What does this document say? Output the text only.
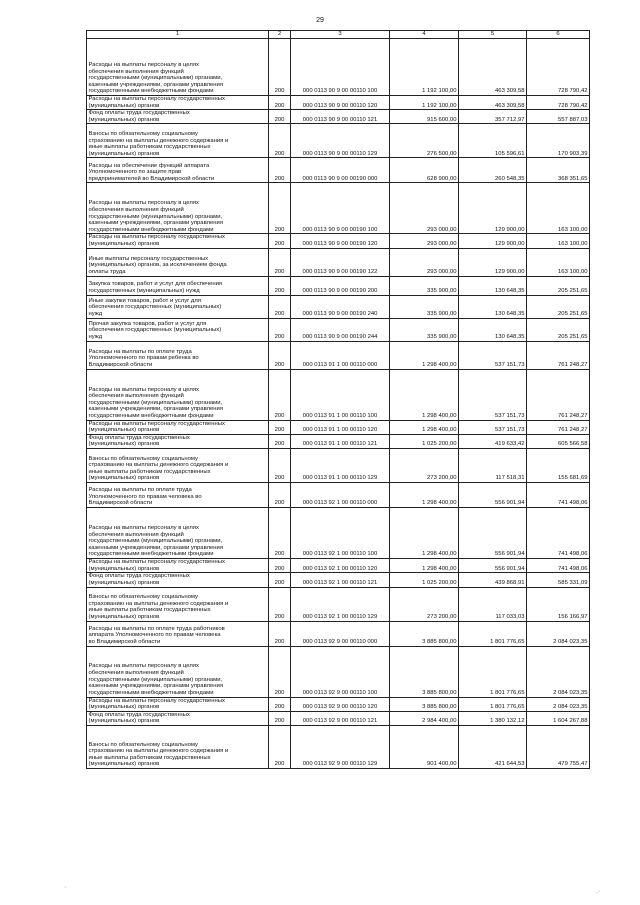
29
1	2	3	4	5	6
Расходы на выплаты персоналу в целях
обеспечения выполнения функций
государственными (муниципальными) органами,
казенными учреждениями, органами управления
государственными внебюджетными фондами	200	000 0113 90 9 00 00110 100	1 192 100,00	463 309,58	728 790,42
Расходы на выплаты персоналу государственных
(муниципальных) органов	200	000 0113 90 9 00 00110 120	1 192 100,00	463 309,58	728 790,42
Фонд оплаты труда государственных
(муниципальных) органов	200	000 0113 90 9 00 00110 121	915 600,00	357 712,97	557 887,03
Взносы по обязательному социальному
страхованию на выплаты денежного содержания и
иные выплаты работникам государственных
(муниципальных) органов	200	000 0113 90 9 00 00110 129	276 500,00	105 596,61	170 903,39
Расходы на обеспечение функций аппарата
Уполномоченного по защите прав
предпринимателей во Владимирской области	200	000 0113 90 9 00 00190 000	628 900,00	260 548,35	368 351,65
Расходы на выплаты персоналу в целях
обеспечения выполнения функций
государственными (муниципальными) органами,
казенными учреждениями, органами управления
государственными внебюджетными фондами	200	000 0113 90 9 00 00190 100	293 000,00	129 900,00	163 100,00
Расходы на выплаты персоналу государственных
(муниципальных) органов	200	000 0113 90 9 00 00190 120	293 000,00	129 900,00	163 100,00
Иные выплаты персоналу государственных
(муниципальных) органов, за исключением фонда
оплаты труда	200	000 0113 90 9 00 00190 122	293 000,00	129 900,00	163 100,00
Закупка товаров, работ и услуг для обеспечения
государственных (муниципальных) нужд	200	000 0113 90 9 00 00190 200	335 900,00	130 648,35	205 251,65
Иные закупки товаров, работ и услуг для
обеспечения государственных (муниципальных)
нужд	200	000 0113 90 9 00 00190 240	335 900,00	130 648,35	205 251,65
Прочая закупка товаров, работ и услуг для
обеспечения государственных (муниципальных)
нужд	200	000 0113 90 9 00 00190 244	335 900,00	130 648,35	205 251,65
Расходы на выплаты по оплате труда
Уполномоченного по правам ребенка во
Владимирской области	200	000 0113 91 1 00 00110 000	1 298 400,00	537 151,73	761 248,27
Расходы на выплаты персоналу в целях
обеспечения выполнения функций
государственными (муниципальными) органами,
казенными учреждениями, органами управления
государственными внебюджетными фондами	200	000 0113 91 1 00 00110 100	1 298 400,00	537 151,73	761 248,27
Расходы на выплаты персоналу государственных
(муниципальных) органов	200	000 0113 91 1 00 00110 120	1 298 400,00	537 151,73	761 248,27
Фонд оплаты труда государственных
(муниципальных) органов	200	000 0113 91 1 00 00110 121	1 025 200,00	419 633,42	605 566,58
Взносы по обязательному социальному
страхованию на выплаты денежного содержания и
иные выплаты работникам государственных
(муниципальных) органов	200	000 0113 91 1 00 00110 129	273 200,00	117 518,31	155 681,69
Расходы на выплаты по оплате труда
Уполномоченного по правам человека во
Владимирской области	200	000 0113 92 1 00 00110 000	1 298 400,00	556 901,94	741 498,06
Расходы на выплаты персоналу в целях
обеспечения выполнения функций
государственными (муниципальными) органами,
казенными учреждениями, органами управления
государственными внебюджетными фондами	200	000 0113 92 1 00 00110 100	1 298 400,00	556 901,94	741 498,06
Расходы на выплаты персоналу государственных
(муниципальных) органов	200	000 0113 92 1 00 00110 120	1 298 400,00	556 901,94	741 498,06
Фонд оплаты труда государственных
(муниципальных) органов	200	000 0113 92 1 00 00110 121	1 025 200,00	439 868,91	585 331,09
Взносы по обязательному социальному
страхованию на выплаты денежного содержания и
иные выплаты работникам государственных
(муниципальных) органов	200	000 0113 92 1 00 00110 129	273 200,00	117 033,03	156 166,97
Расходы на выплаты по оплате труда работников
аппарата Уполномоченного по правам человека
во Владимирской области	200	000 0113 92 9 00 00110 000	3 885 800,00	1 801 776,65	2 084 023,35
Расходы на выплаты персоналу в целях
обеспечения выполнения функций
государственными (муниципальными) органами,
казенными учреждениями, органами управления
государственными внебюджетными фондами	200	000 0113 92 9 00 00110 100	3 885 800,00	1 801 776,65	2 084 023,35
Расходы на выплаты персоналу государственных
(муниципальных) органов	200	000 0113 92 9 00 00110 120	3 885 800,00	1 801 776,65	2 084 023,35
Фонд оплаты труда государственных
(муниципальных) органов	200	000 0113 92 9 00 00110 121	2 984 400,00	1 380 132,12	1 604 267,88
Взносы по обязательному социальному
страхованию на выплаты денежного содержания и
иные выплаты работникам государственных
(муниципальных) органов	200	000 0113 92 9 00 00110 129	901 400,00	421 644,53	479 755,47
·
.·
